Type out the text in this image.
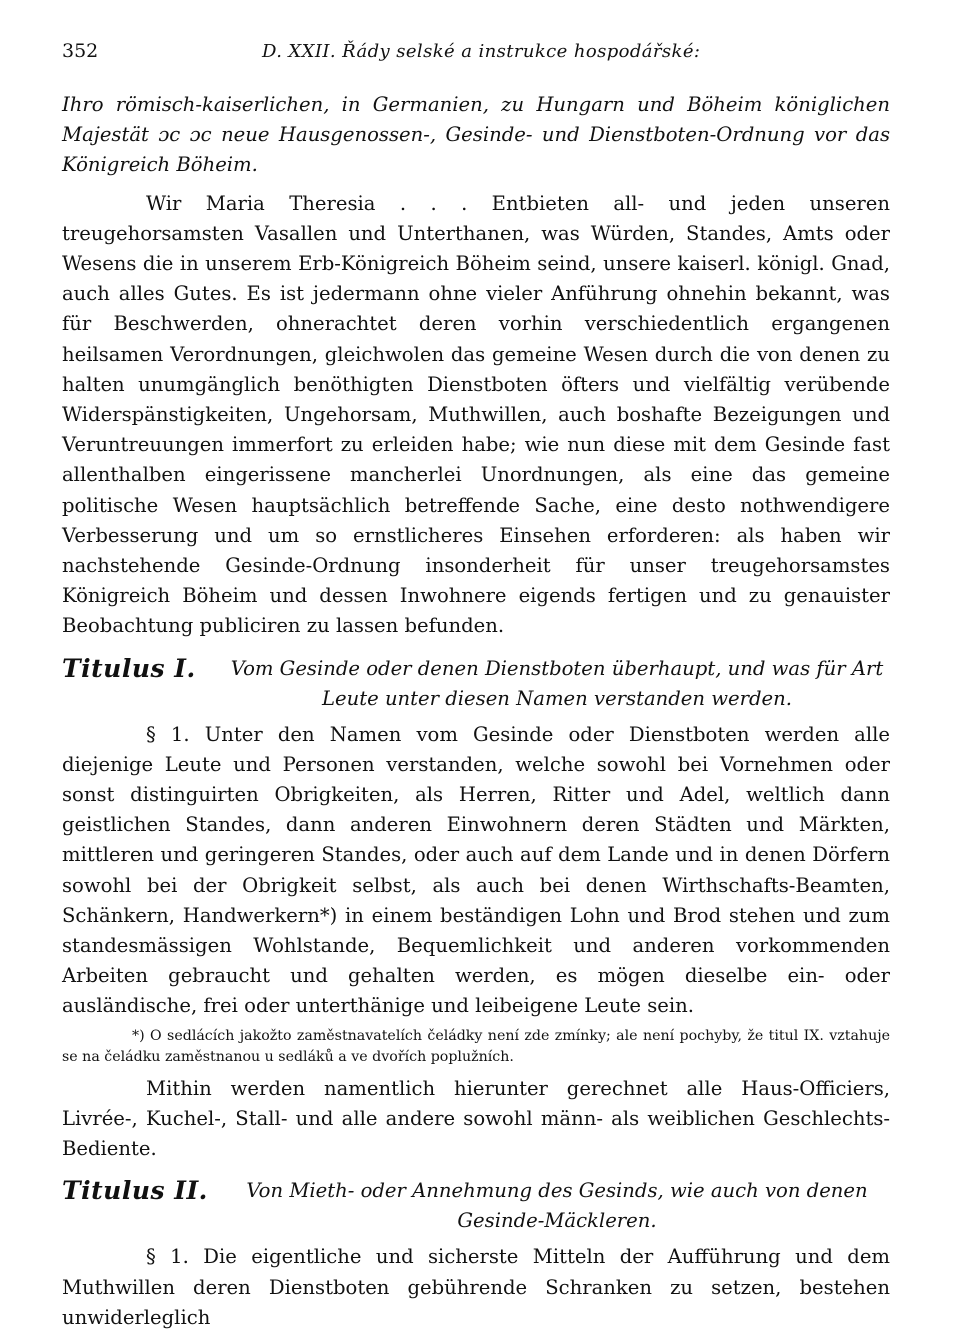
352	D. XXII. Řády selské a instrukce hospodářské:

Ihro römisch-kaiserlichen, in Germanien, zu Hungarn und Böheim königlichen Majestät ɔc ɔc neue Hausgenossen-, Gesinde- und Dienstboten-Ordnung vor das Königreich Böheim.

Wir Maria Theresia . . . Entbieten all- und jeden unseren treugehorsamsten Vasallen und Unterthanen, was Würden, Standes, Amts oder Wesens die in unserem Erb-Königreich Böheim seind, unsere kaiserl. königl. Gnad, auch alles Gutes. Es ist jedermann ohne vieler Anführung ohnehin bekannt, was für Beschwerden, ohnerachtet deren vorhin verschiedentlich ergangenen heilsamen Verordnungen, gleichwolen das gemeine Wesen durch die von denen zu halten unumgänglich benöthigten Dienstboten öfters und vielfältig verübende Widerspänstigkeiten, Ungehorsam, Muthwillen, auch boshafte Bezeigungen und Veruntreuungen immerfort zu erleiden habe; wie nun diese mit dem Gesinde fast allenthalben eingerissene mancherlei Unordnungen, als eine das gemeine politische Wesen hauptsächlich betreffende Sache, eine desto nothwendigere Verbesserung und um so ernstlicheres Einsehen erforderen: als haben wir nachstehende Gesinde-Ordnung insonderheit für unser treugehorsamstes Königreich Böheim und dessen Inwohnere eigends fertigen und zu genauister Beobachtung publiciren zu lassen befunden.

Titulus I.	Vom Gesinde oder denen Dienstboten überhaupt, und was für Art Leute unter diesen Namen verstanden werden.

§ 1. Unter den Namen vom Gesinde oder Dienstboten werden alle diejenige Leute und Personen verstanden, welche sowohl bei Vornehmen oder sonst distinguirten Obrigkeiten, als Herren, Ritter und Adel, weltlich dann geistlichen Standes, dann anderen Einwohnern deren Städten und Märkten, mittleren und geringeren Standes, oder auch auf dem Lande und in denen Dörfern sowohl bei der Obrigkeit selbst, als auch bei denen Wirthschafts-Beamten, Schänkern, Handwerkern*) in einem beständigen Lohn und Brod stehen und zum standesmässigen Wohlstande, Bequemlichkeit und anderen vorkommenden Arbeiten gebraucht und gehalten werden, es mögen dieselbe ein- oder ausländische, frei oder unterthänige und leibeigene Leute sein.

*) O sedlácích jakožto zaměstnavatelích čeládky není zde zmínky; ale není pochyby, že titul IX. vztahuje se na čeládku zaměstnanou u sedláků a ve dvořích poplužních.

Mithin werden namentlich hierunter gerechnet alle Haus-Officiers, Livrée-, Kuchel-, Stall- und alle andere sowohl männ- als weiblichen Geschlechts-Bediente.

Titulus II.	Von Mieth- oder Annehmung des Gesinds, wie auch von denen Gesinde-Mäckleren.

§ 1. Die eigentliche und sicherste Mitteln der Aufführung und dem Muthwillen deren Dienstboten gebührende Schranken zu setzen, bestehen unwiderleglich
